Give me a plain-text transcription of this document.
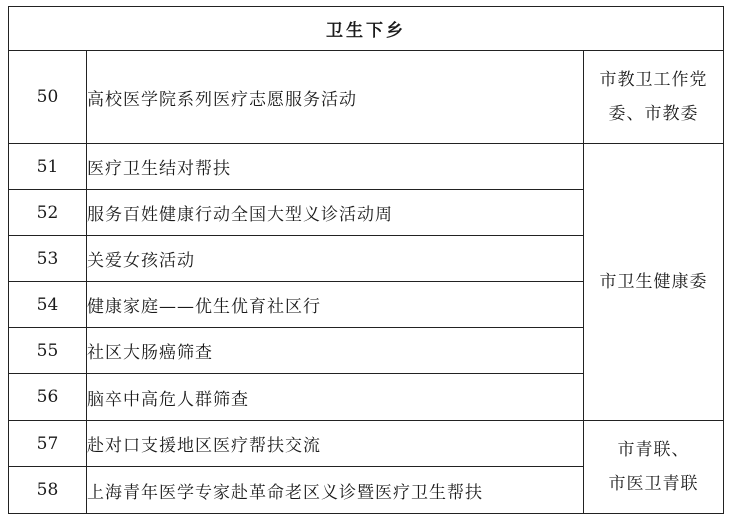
卫生下乡		
50	高校医学院系列医疗志愿服务活动	市教卫工作党
委、市教委

51	医疗卫生结对帮扶	市卫生健康委

52	服务百姓健康行动全国大型义诊活动周	
53	关爱女孩活动	
54	健康家庭——优生优育社区行	
55	社区大肠癌筛查	
56	脑卒中高危人群筛查	
57	赴对口支援地区医疗帮扶交流	市青联、
市医卫青联

58	上海青年医学专家赴革命老区义诊暨医疗卫生帮扶	
